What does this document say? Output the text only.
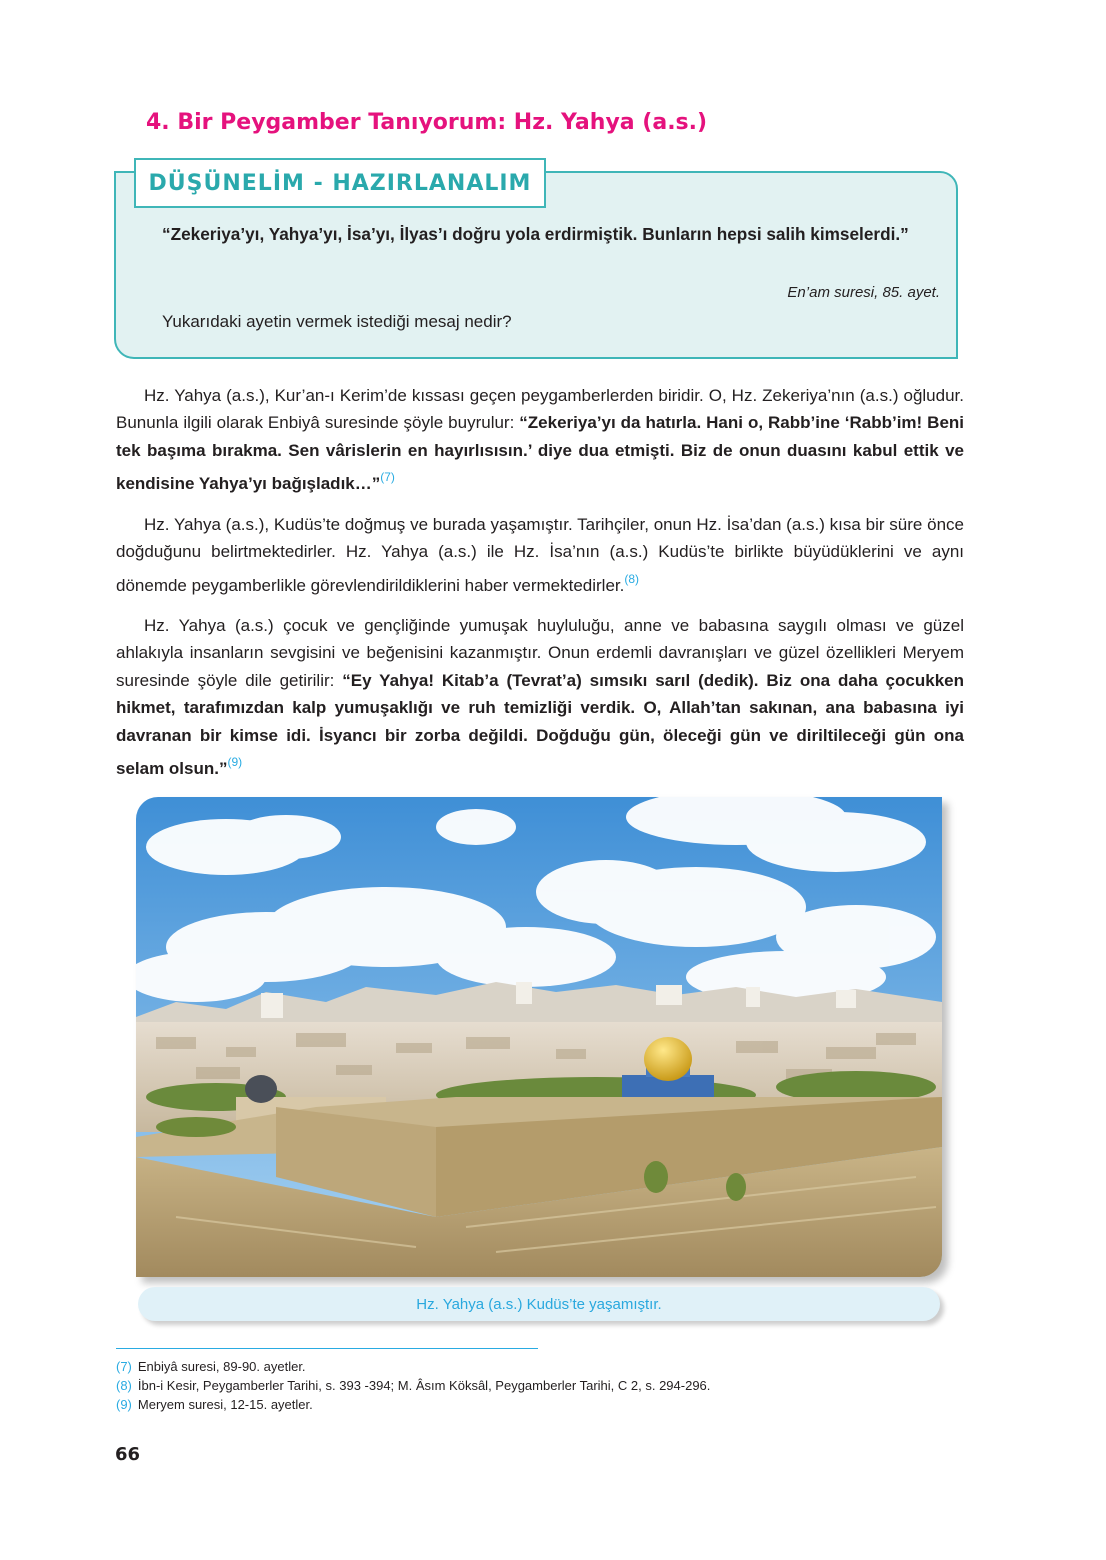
4. Bir Peygamber Tanıyorum: Hz. Yahya (a.s.)
DÜŞÜNELİM - HAZIRLANALIM

“Zekeriya’yı, Yahya’yı, İsa’yı, İlyas’ı doğru yola erdirmiştik. Bunların hepsi salih kimselerdi.”

En’am suresi, 85. ayet.

Yukarıdaki ayetin vermek istediği mesaj nedir?

Hz. Yahya (a.s.), Kur’an-ı Kerim’de kıssası geçen peygamberlerden biridir. O, Hz. Zekeriya’nın (a.s.) oğludur. Bununla ilgili olarak Enbiyâ suresinde şöyle buyrulur: “Zekeriya’yı da hatırla. Hani o, Rabb’ine ‘Rabb’im! Beni tek başıma bırakma. Sen vârislerin en hayırlısısın.’ diye dua etmişti. Biz de onun duasını kabul ettik ve kendisine Yahya’yı bağışladık…”$^{(7)}$

Hz. Yahya (a.s.), Kudüs’te doğmuş ve burada yaşamıştır. Tarihçiler, onun Hz. İsa’dan (a.s.) kısa bir süre önce doğduğunu belirtmektedirler. Hz. Yahya (a.s.) ile Hz. İsa’nın (a.s.) Kudüs’te birlikte büyüdüklerini ve aynı dönemde peygamberlikle görevlendirildiklerini haber vermektedirler.$^{(8)}$

Hz. Yahya (a.s.) çocuk ve gençliğinde yumuşak huyluluğu, anne ve babasına saygılı olması ve güzel ahlakıyla insanların sevgisini ve beğenisini kazanmıştır. Onun erdemli davranışları ve güzel özellikleri Meryem suresinde şöyle dile getirilir: “Ey Yahya! Kitab’a (Tevrat’a) sımsıkı sarıl (dedik). Biz ona daha çocukken hikmet, tarafımızdan kalp yumuşaklığı ve ruh temizliği verdik. O, Allah’tan sakınan, ana babasına iyi davranan bir kimse idi. İsyancı bir zorba değildi. Doğduğu gün, öleceği gün ve diriltileceği gün ona selam olsun.”$^{(9)}$

Hz. Yahya (a.s.) Kudüs’te yaşamıştır.
(7) Enbiyâ suresi, 89-90. ayetler.
(8) İbn-i Kesir, Peygamberler Tarihi, s. 393 -394; M. Âsım Köksâl, Peygamberler Tarihi, C 2, s. 294-296.
(9) Meryem suresi, 12-15. ayetler.

66
